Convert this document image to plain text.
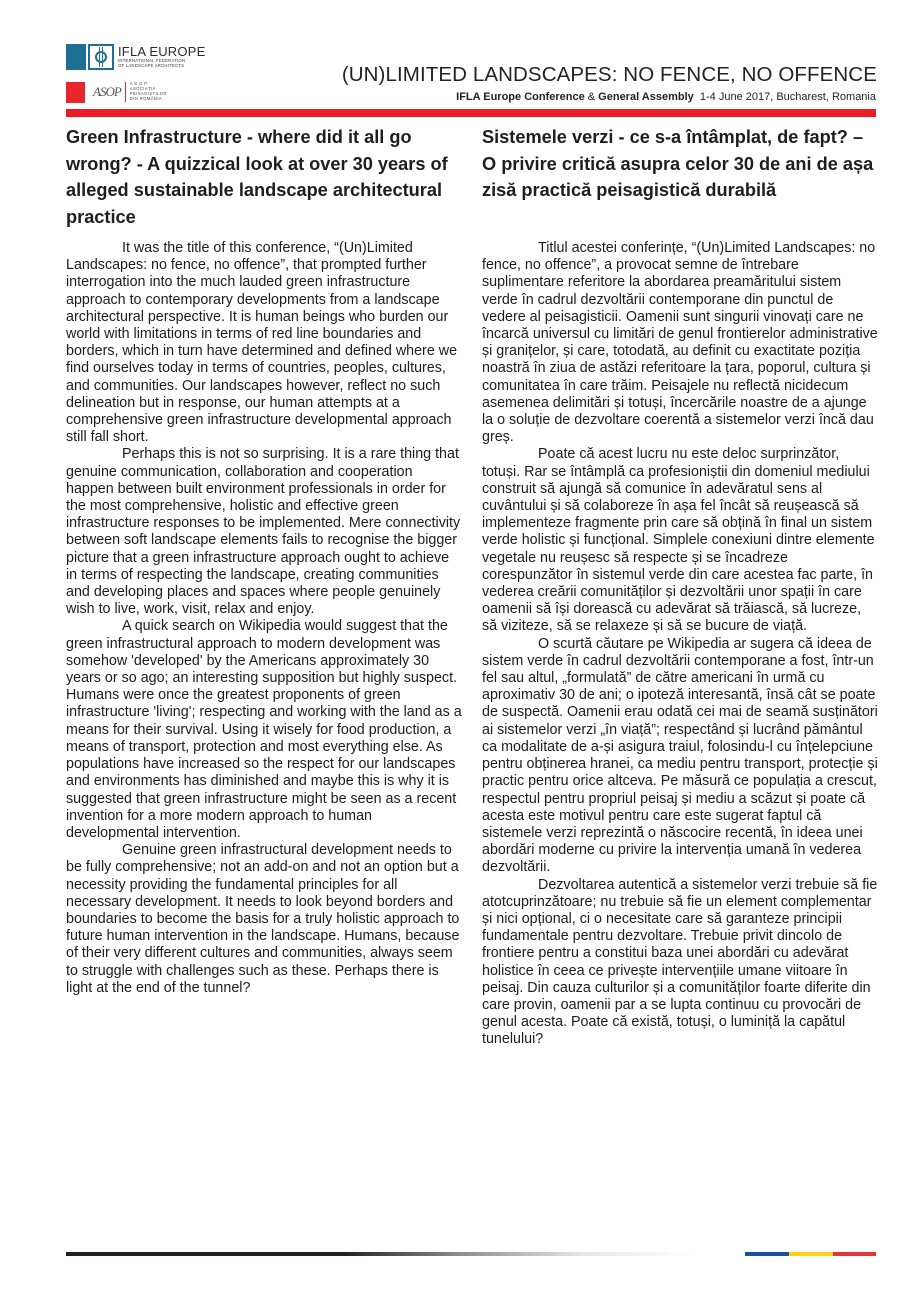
IFLA EUROPE
INTERNATIONAL FEDERATION
OF LANDSCAPE ARCHITECTS
ASOP
A S O P
ASOCIAȚIA
PEISAGIȘTILOR
DIN ROMÂNIA
(UN)LIMITED LANDSCAPES: NO FENCE, NO OFFENCE
IFLA Europe Conference & General Assembly  1-4 June 2017, Bucharest, Romania
Green Infrastructure - where did it all go wrong? - A quizzical look at over 30 years of alleged sustainable landscape architectural practice

It was the title of this conference, “(Un)Limited Landscapes: no fence, no offence”, that prompted further interrogation into the much lauded green infrastructure approach to contemporary developments from a landscape architectural perspective. It is human beings who burden our world with limitations in terms of red line boundaries and borders, which in turn have determined and defined where we find ourselves today in terms of countries, peoples, cultures, and communities. Our landscapes however, reflect no such delineation but in response, our human attempts at a comprehensive green infrastructure developmental approach still fall short.

Perhaps this is not so surprising. It is a rare thing that genuine communication, collaboration and cooperation happen between built environment professionals in order for the most comprehensive, holistic and effective green infrastructure responses to be implemented. Mere connectivity between soft landscape elements fails to recognise the bigger picture that a green infrastructure approach ought to achieve in terms of respecting the landscape, creating communities and developing places and spaces where people genuinely wish to live, work, visit, relax and enjoy.

A quick search on Wikipedia would suggest that the green infrastructural approach to modern development was somehow 'developed' by the Americans approximately 30 years or so ago; an interesting supposition but highly suspect. Humans were once the greatest proponents of green infrastructure 'living'; respecting and working with the land as a means for their survival. Using it wisely for food production, a means of transport, protection and most everything else. As populations have increased so the respect for our landscapes and environments has diminished and maybe this is why it is suggested that green infrastructure might be seen as a recent invention for a more modern approach to human developmental intervention.

Genuine green infrastructural development needs to be fully comprehensive; not an add-on and not an option but a necessity providing the fundamental principles for all necessary development. It needs to look beyond borders and boundaries to become the basis for a truly holistic approach to future human intervention in the landscape. Humans, because of their very different cultures and communities, always seem to struggle with challenges such as these. Perhaps there is light at the end of the tunnel?

Sistemele verzi - ce s-a întâmplat, de fapt? – O privire critică asupra celor 30 de ani de așa zisă practică peisagistică durabilă

Titlul acestei conferințe, “(Un)Limited Landscapes: no fence, no offence”, a provocat semne de întrebare suplimentare referitore la abordarea preamăritului sistem verde în cadrul dezvoltării contemporane din punctul de vedere al peisagisticii. Oamenii sunt singurii vinovați care ne încarcă universul cu limitări de genul frontierelor administrative și granițelor, și care, totodată, au definit cu exactitate poziția noastră în ziua de astăzi referitoare la țara, poporul, cultura și comunitatea în care trăim. Peisajele nu reflectă nicidecum asemenea delimitări și totuși, încercările noastre de a ajunge la o soluție de dezvoltare coerentă a sistemelor verzi încă dau greș.

Poate că acest lucru nu este deloc surprinzător, totuși. Rar se întâmplă ca profesioniștii din domeniul mediului construit să ajungă să comunice în adevăratul sens al cuvântului și să colaboreze în așa fel încât să reușească să implementeze fragmente prin care să obțină în final un sistem verde holistic și funcțional. Simplele conexiuni dintre elemente vegetale nu reușesc să respecte și se încadreze corespunzător în sistemul verde din care acestea fac parte, în vederea creării comunităților și dezvoltării unor spații în care oamenii să își dorească cu adevărat să trăiască, să lucreze, să viziteze, să se relaxeze și să se bucure de viață.

O scurtă căutare pe Wikipedia ar sugera că ideea de sistem verde în cadrul dezvoltării contemporane a fost, într-un fel sau altul, „formulată” de către americani în urmă cu aproximativ 30 de ani; o ipoteză interesantă, însă cât se poate de suspectă. Oamenii erau odată cei mai de seamă susținători ai sistemelor verzi „în viață”; respectând și lucrând pământul ca modalitate de a-și asigura traiul, folosindu-l cu înțelepciune pentru obținerea hranei, ca mediu pentru transport, protecție și practic pentru orice altceva. Pe măsură ce populația a crescut, respectul pentru propriul peisaj și mediu a scăzut și poate că acesta este motivul pentru care este sugerat faptul că sistemele verzi reprezintă o născocire recentă, în ideea unei abordări moderne cu privire la intervenția umană în vederea dezvoltării.

Dezvoltarea autentică a sistemelor verzi trebuie să fie atotcuprinzătoare; nu trebuie să fie un element complementar și nici opțional, ci o necesitate care să garanteze principii fundamentale pentru dezvoltare. Trebuie privit dincolo de frontiere pentru a constitui baza unei abordări cu adevărat holistice în ceea ce privește intervențiile umane viitoare în peisaj. Din cauza culturilor și a comunităților foarte diferite din care provin, oamenii par a se lupta continuu cu provocări de genul acesta. Poate că există, totuși, o luminiță la capătul tunelului?
